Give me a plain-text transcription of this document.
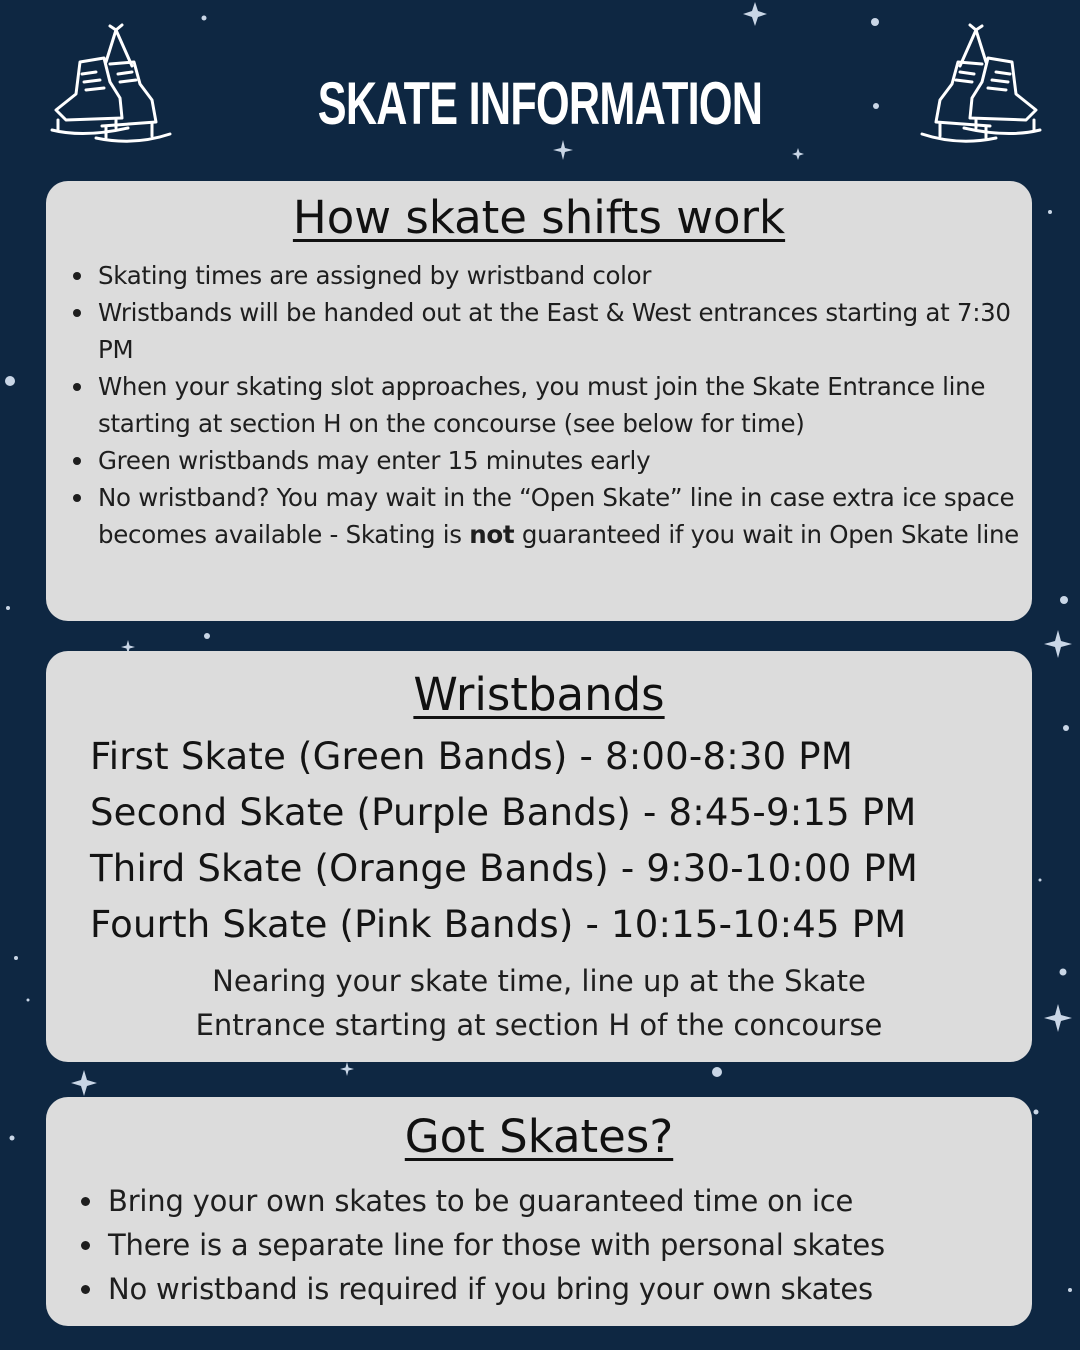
SKATE INFORMATION
How skate shifts work
Skating times are assigned by wristband color
Wristbands will be handed out at the East & West entrances starting at 7:30 PM
When your skating slot approaches, you must join the Skate Entrance line starting at section H on the concourse (see below for time)
Green wristbands may enter 15 minutes early
No wristband? You may wait in the “Open Skate” line in case extra ice space becomes available - Skating is not guaranteed if you wait in Open Skate line
Wristbands
First Skate (Green Bands) - 8:00-8:30 PM
Second Skate (Purple Bands) - 8:45-9:15 PM
Third Skate (Orange Bands) - 9:30-10:00 PM
Fourth Skate (Pink Bands) - 10:15-10:45 PM
Nearing your skate time, line up at the Skate
Entrance starting at section H of the concourse
Got Skates?
Bring your own skates to be guaranteed time on ice
There is a separate line for those with personal skates
No wristband is required if you bring your own skates
